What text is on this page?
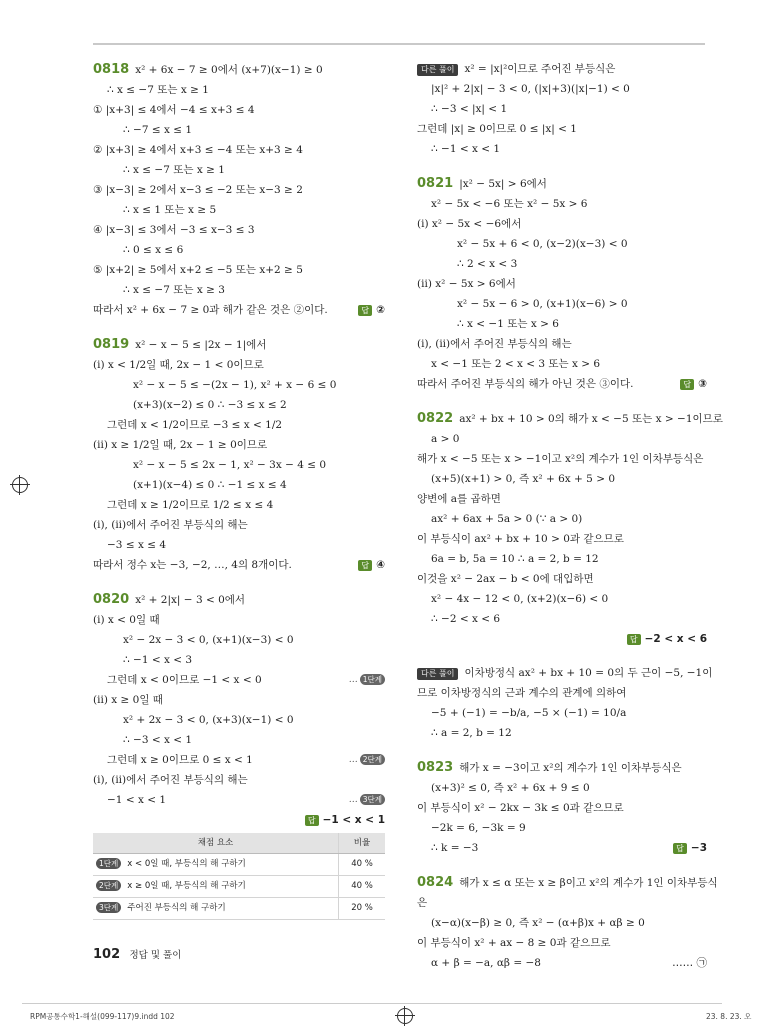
0818 x² + 6x − 7 ≥ 0에서 (x+7)(x−1) ≥ 0
∴ x ≤ −7 또는 x ≥ 1
① |x+3| ≤ 4에서 −4 ≤ x+3 ≤ 4
∴ −7 ≤ x ≤ 1
② |x+3| ≥ 4에서 x+3 ≤ −4 또는 x+3 ≥ 4
∴ x ≤ −7 또는 x ≥ 1
③ |x−3| ≥ 2에서 x−3 ≤ −2 또는 x−3 ≥ 2
∴ x ≤ 1 또는 x ≥ 5
④ |x−3| ≤ 3에서 −3 ≤ x−3 ≤ 3
∴ 0 ≤ x ≤ 6
⑤ |x+2| ≥ 5에서 x+2 ≤ −5 또는 x+2 ≥ 5
∴ x ≤ −7 또는 x ≥ 3
따라서 x² + 6x − 7 ≥ 0과 해가 같은 것은 ②이다.	답 ②
0819 x² − x − 5 ≤ |2x − 1|에서
(i) x < 1/2일 때, 2x − 1 < 0이므로
x² − x − 5 ≤ −(2x − 1), x² + x − 6 ≤ 0
(x+3)(x−2) ≤ 0 ∴ −3 ≤ x ≤ 2
그런데 x < 1/2이므로 −3 ≤ x < 1/2
(ii) x ≥ 1/2일 때, 2x − 1 ≥ 0이므로
x² − x − 5 ≤ 2x − 1, x² − 3x − 4 ≤ 0
(x+1)(x−4) ≤ 0 ∴ −1 ≤ x ≤ 4
그런데 x ≥ 1/2이므로 1/2 ≤ x ≤ 4
(i), (ii)에서 주어진 부등식의 해는
−3 ≤ x ≤ 4
따라서 정수 x는 −3, −2, …, 4의 8개이다.	답 ④
0820 x² + 2|x| − 3 < 0에서
(i) x < 0일 때
x² − 2x − 3 < 0, (x+1)(x−3) < 0
∴ −1 < x < 3
그런데 x < 0이므로 −1 < x < 0	… 1단계
(ii) x ≥ 0일 때
x² + 2x − 3 < 0, (x+3)(x−1) < 0
∴ −3 < x < 1
그런데 x ≥ 0이므로 0 ≤ x < 1	… 2단계
(i), (ii)에서 주어진 부등식의 해는
−1 < x < 1	… 3단계
답 −1 < x < 1
채점 요소	비율
1단계 x < 0일 때, 부등식의 해 구하기	40 %
2단계 x ≥ 0일 때, 부등식의 해 구하기	40 %
3단계 주어진 부등식의 해 구하기	20 %
다른 풀이 x² = |x|²이므로 주어진 부등식은
|x|² + 2|x| − 3 < 0, (|x|+3)(|x|−1) < 0
∴ −3 < |x| < 1
그런데 |x| ≥ 0이므로 0 ≤ |x| < 1
∴ −1 < x < 1
0821 |x² − 5x| > 6에서
x² − 5x < −6 또는 x² − 5x > 6
(i) x² − 5x < −6에서
x² − 5x + 6 < 0, (x−2)(x−3) < 0
∴ 2 < x < 3
(ii) x² − 5x > 6에서
x² − 5x − 6 > 0, (x+1)(x−6) > 0
∴ x < −1 또는 x > 6
(i), (ii)에서 주어진 부등식의 해는
x < −1 또는 2 < x < 3 또는 x > 6
따라서 주어진 부등식의 해가 아닌 것은 ③이다.	답 ③
0822 ax² + bx + 10 > 0의 해가 x < −5 또는 x > −1이므로
a > 0
해가 x < −5 또는 x > −1이고 x²의 계수가 1인 이차부등식은
(x+5)(x+1) > 0, 즉 x² + 6x + 5 > 0
양변에 a를 곱하면
ax² + 6ax + 5a > 0 (∵ a > 0)
이 부등식이 ax² + bx + 10 > 0과 같으므로
6a = b, 5a = 10 ∴ a = 2, b = 12
이것을 x² − 2ax − b < 0에 대입하면
x² − 4x − 12 < 0, (x+2)(x−6) < 0
∴ −2 < x < 6
답 −2 < x < 6
다른 풀이 이차방정식 ax² + bx + 10 = 0의 두 근이 −5, −1이
므로 이차방정식의 근과 계수의 관계에 의하여
−5 + (−1) = −b/a, −5 × (−1) = 10/a
∴ a = 2, b = 12
0823 해가 x = −3이고 x²의 계수가 1인 이차부등식은
(x+3)² ≤ 0, 즉 x² + 6x + 9 ≤ 0
이 부등식이 x² − 2kx − 3k ≤ 0과 같으므로
−2k = 6, −3k = 9
∴ k = −3	답 −3
0824 해가 x ≤ α 또는 x ≥ β이고 x²의 계수가 1인 이차부등식
은
(x−α)(x−β) ≥ 0, 즉 x² − (α+β)x + αβ ≥ 0
이 부등식이 x² + ax − 8 ≥ 0과 같으므로
α + β = −a, αβ = −8	…… ㉠
102 정답 및 풀이
RPM공통수학1-해설(099-117)9.indd 102	23. 8. 23. 오
